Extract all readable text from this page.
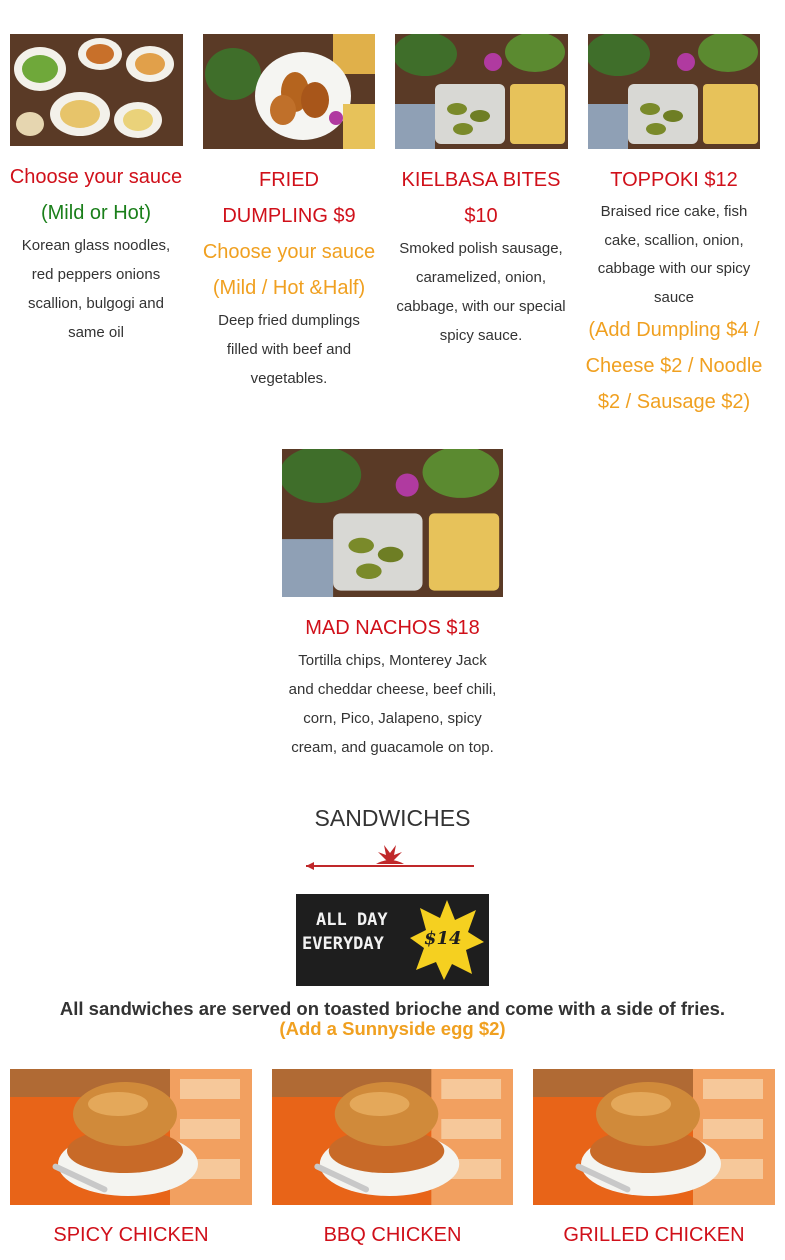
Choose your sauce
(Mild or Hot)
Korean glass noodles, red peppers onions scallion, bulgogi and same oil
FRIED DUMPLING $9
Choose your sauce (Mild / Hot &Half)
Deep fried dumplings filled with beef and vegetables.
KIELBASA BITES $10
Smoked polish sausage, caramelized, onion, cabbage, with our special spicy sauce.
TOPPOKI $12
Braised rice cake, fish cake, scallion, onion, cabbage with our spicy sauce
(Add Dumpling $4 / Cheese $2 / Noodle $2 / Sausage $2)
MAD NACHOS $18
Tortilla chips, Monterey Jack and cheddar cheese, beef chili, corn, Pico, Jalapeno, spicy cream, and guacamole on top.
SANDWICHES
ALL DAY
EVERYDAY $14
All sandwiches are served on toasted brioche and come with a side of fries.
(Add a Sunnyside egg $2)
SPICY CHICKEN	BBQ CHICKEN	GRILLED CHICKEN
